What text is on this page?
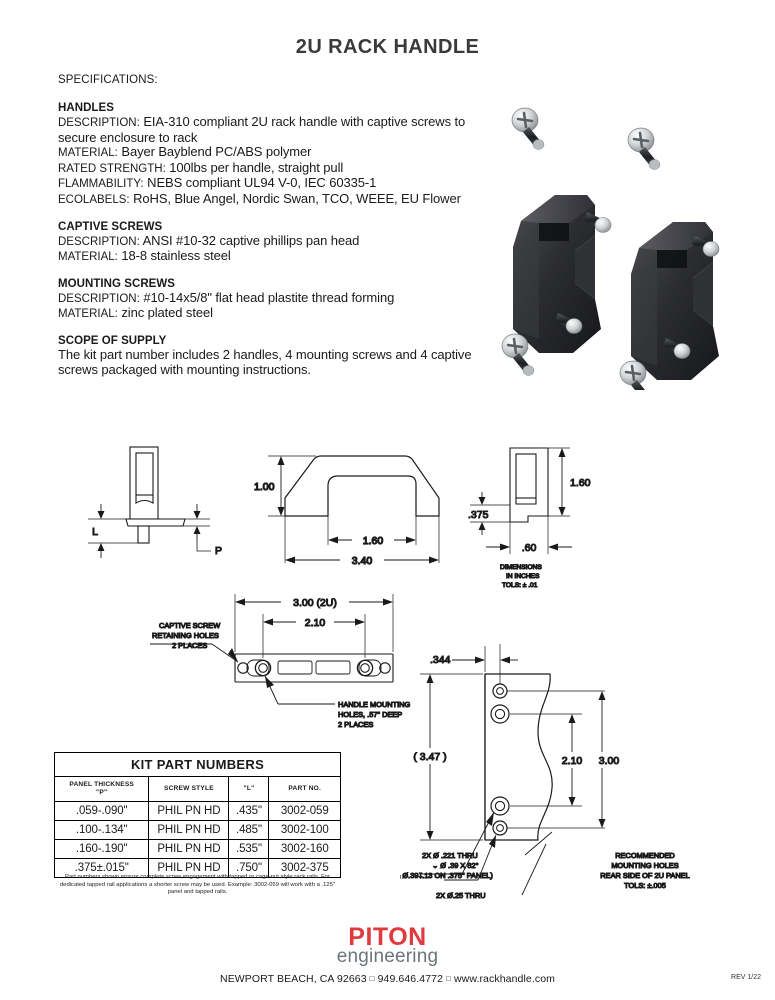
2U RACK HANDLE
SPECIFICATIONS:
HANDLES
DESCRIPTION: EIA-310 compliant 2U rack handle with captive screws to secure enclosure to rack
MATERIAL: Bayer Bayblend PC/ABS polymer
RATED STRENGTH: 100lbs per handle, straight pull
FLAMMABILITY: NEBS compliant UL94 V-0, IEC 60335-1
ECOLABELS: RoHS, Blue Angel, Nordic Swan, TCO, WEEE, EU Flower
CAPTIVE SCREWS
DESCRIPTION: ANSI #10-32 captive phillips pan head
MATERIAL: 18-8 stainless steel
MOUNTING SCREWS
DESCRIPTION: #10-14x5/8" flat head plastite thread forming
MATERIAL: zinc plated steel
SCOPE OF SUPPLY
The kit part number includes 2 handles, 4 mounting screws and 4 captive screws packaged with mounting instructions.
L
P
1.00
1.60
3.40
.375
1.60
.60
DIMENSIONS
IN INCHES
TOLS: ± .01
3.00 (2U)
2.10
CAPTIVE SCREW
RETAINING HOLES
2 PLACES
HANDLE MOUNTING
HOLES, .57" DEEP
2 PLACES
.344
( 3.47 )	2.10 3.00
2X Ø .221 THRU
⌄ Ø .39 X 82°
(⌴ Ø.39↧.13 ON .375" PANEL)
2X Ø.25 THRU
RECOMMENDED
MOUNTING HOLES
REAR SIDE OF 2U PANEL
TOLS: ±.005
KIT PART NUMBERS			
PANEL THICKNESS
"P"	SCREW STYLE	"L"	PART NO.
.059-.090"	PHIL PN HD	.435"	3002-059
.100-.134"	PHIL PN HD	.485"	3002-100
.160-.190"	PHIL PN HD	.535"	3002-160
.375±.015"	PHIL PN HD	.750"	3002-375
Part numbers shown ensure complete screw engagement with tapped or cage-nut style rack rails. For dedicated tapped rail applications a shorter screw may be used. Example: 3002-059 will work with a .125" panel and tapped rails.
PITON
engineering
NEWPORT BEACH, CA 92663 □ 949.646.4772 □ www.rackhandle.com	REV 1/22
